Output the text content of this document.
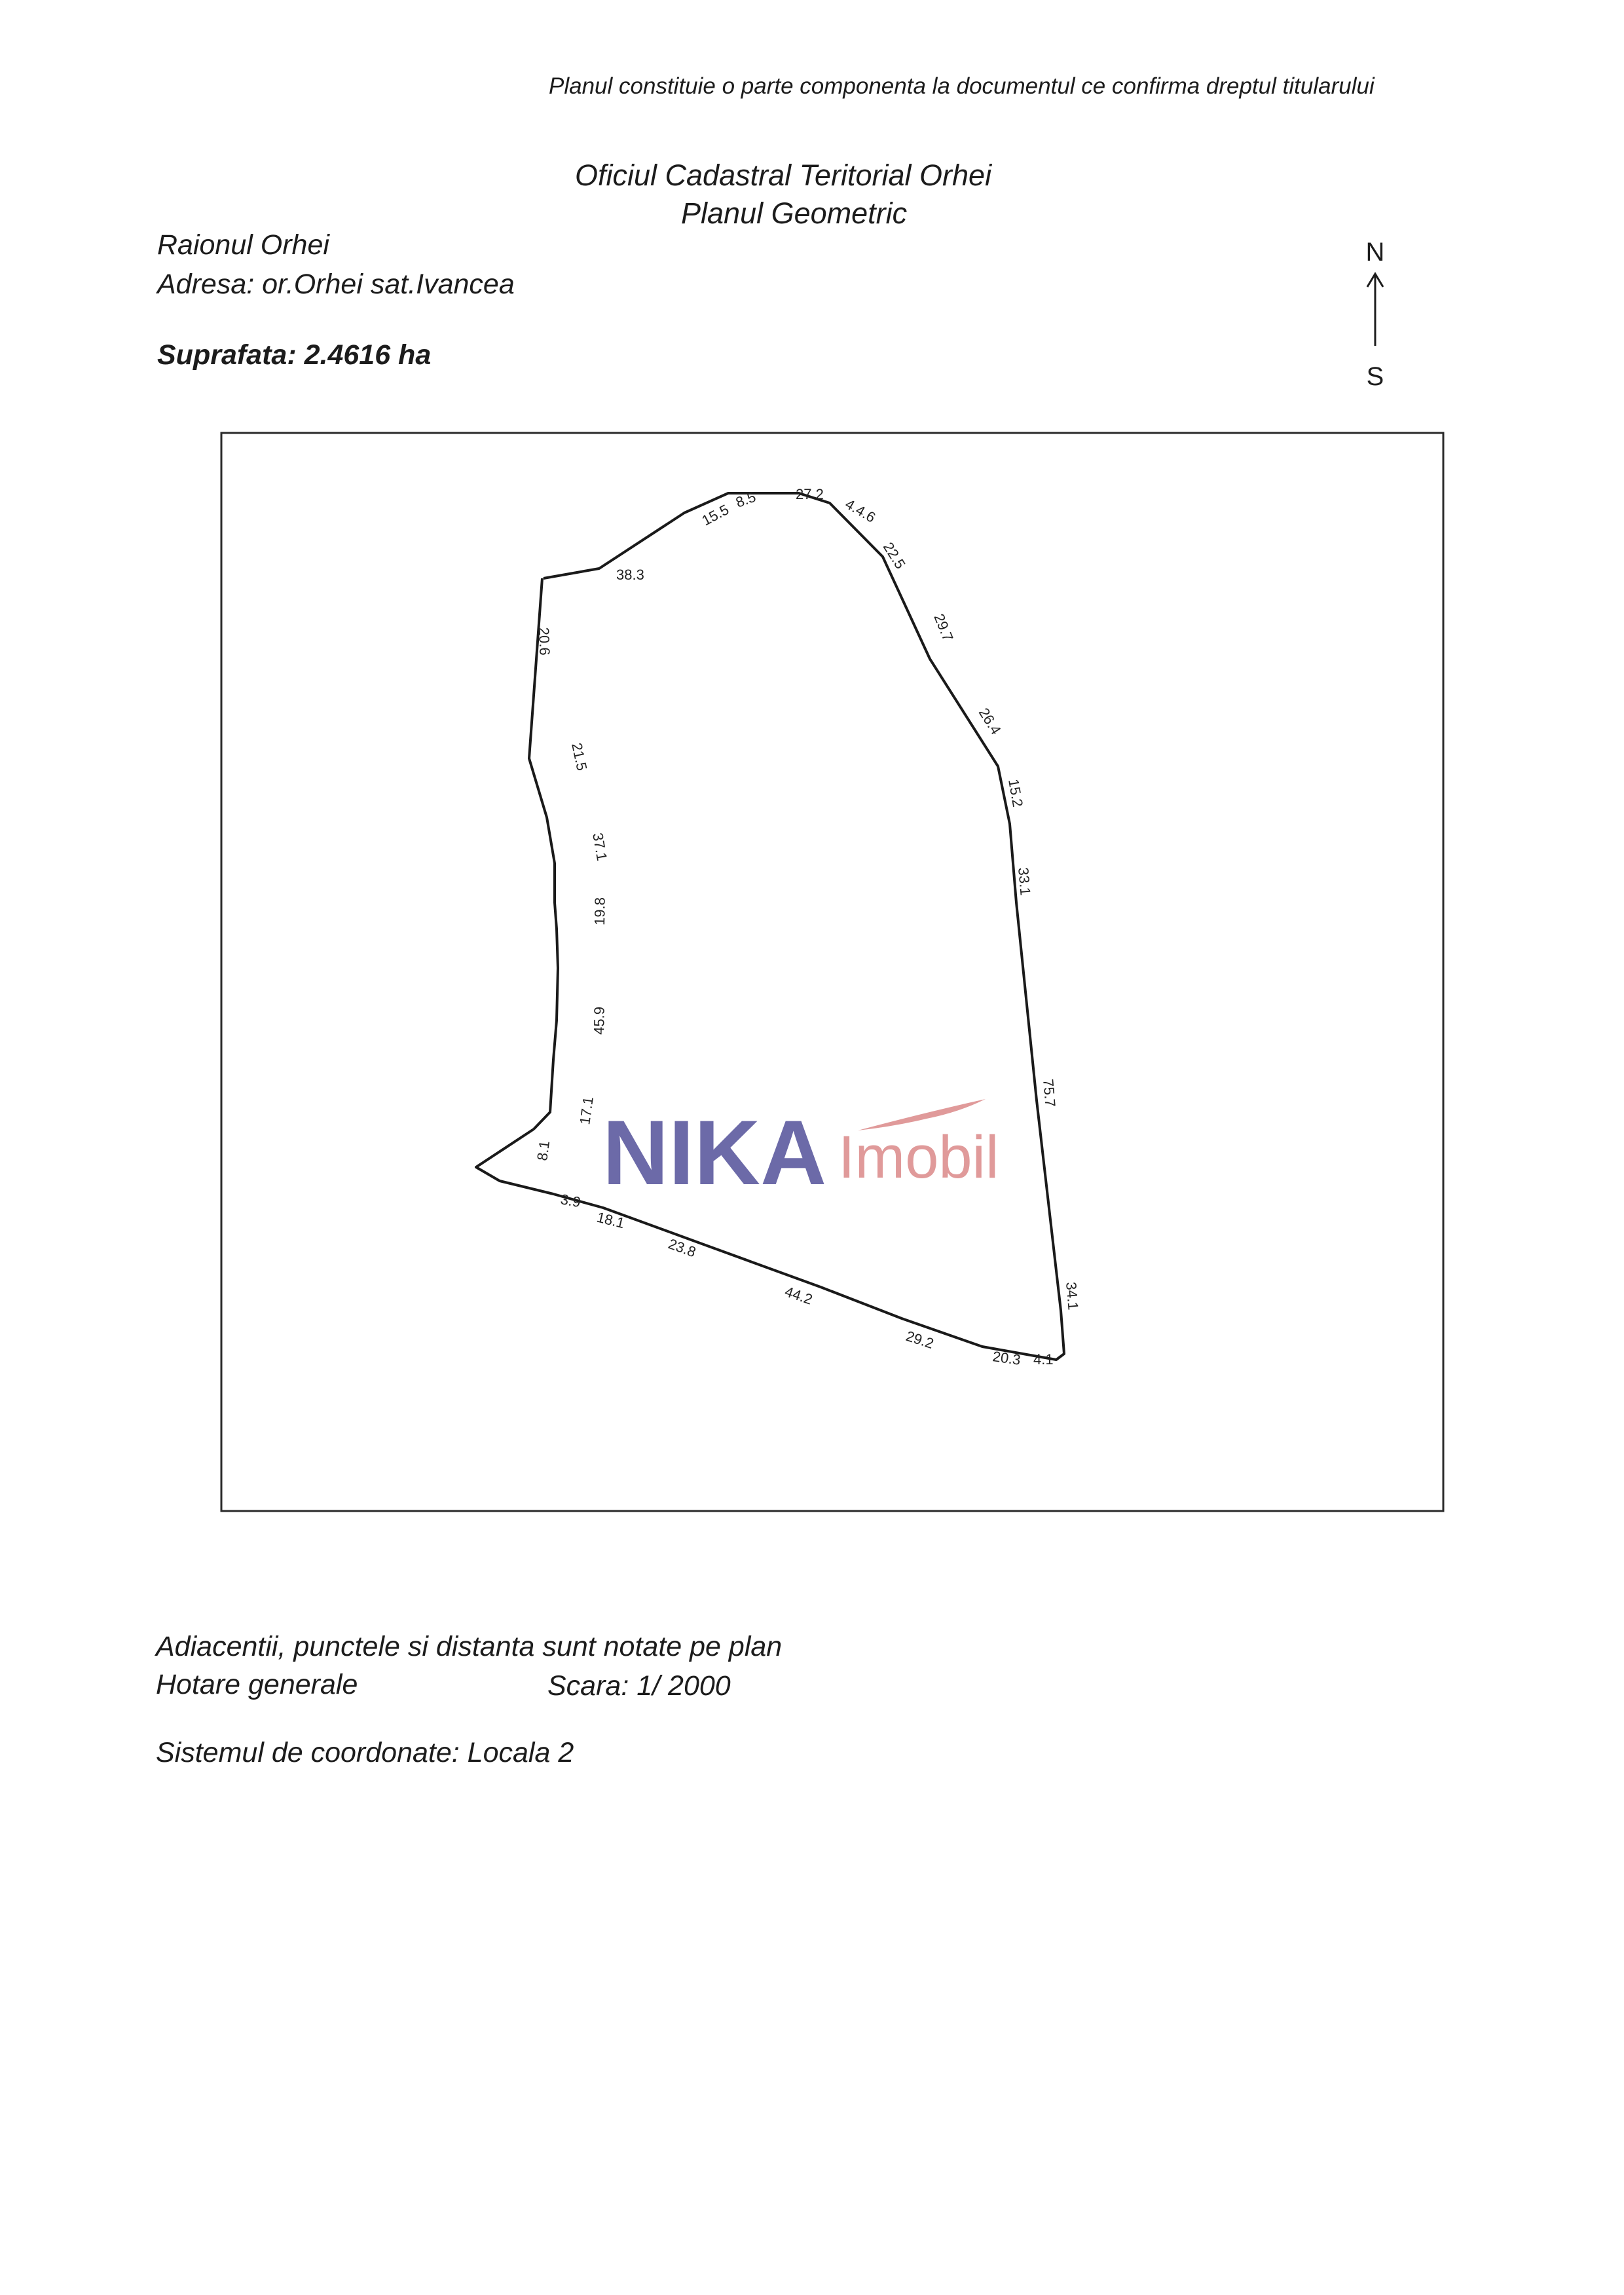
Planul constituie o parte componenta la documentul ce confirma dreptul titularului
Oficiul Cadastral Teritorial Orhei
Planul Geometric
Raionul Orhei
Adresa: or.Orhei sat.Ivancea
Suprafata: 2.4616 ha
N
S
NIKA Imobil
38.3
15.5
8.5	27.2
4.4.6
22.5
29.7
26.4
15.2
33.1
75.7
34.1
20.3 4.1
29.2
44.2
23.8
18.1
3.9
8.1
17.1
45.9
19.8
37.1
21.5
20.6
Adiacentii, punctele si distanta sunt notate pe plan
Hotare generale	Scara: 1/ 2000
Sistemul de coordonate: Locala 2
